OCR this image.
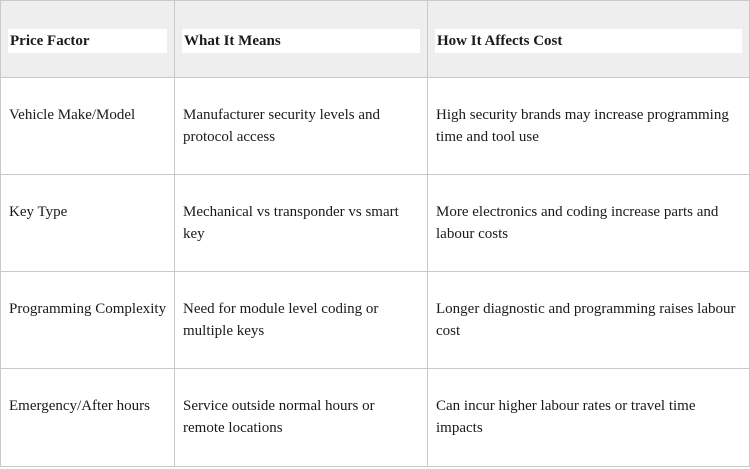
Price Factor	What It Means	How It Affects Cost

Vehicle Make/Model	Manufacturer security levels and protocol access	High security brands may increase programming time and tool use
Key Type	Mechanical vs transponder vs smart key	More electronics and coding increase parts and labour costs
Programming Complexity	Need for module level coding or multiple keys	Longer diagnostic and programming raises labour cost
Emergency/After hours	Service outside normal hours or remote locations	Can incur higher labour rates or travel time impacts
